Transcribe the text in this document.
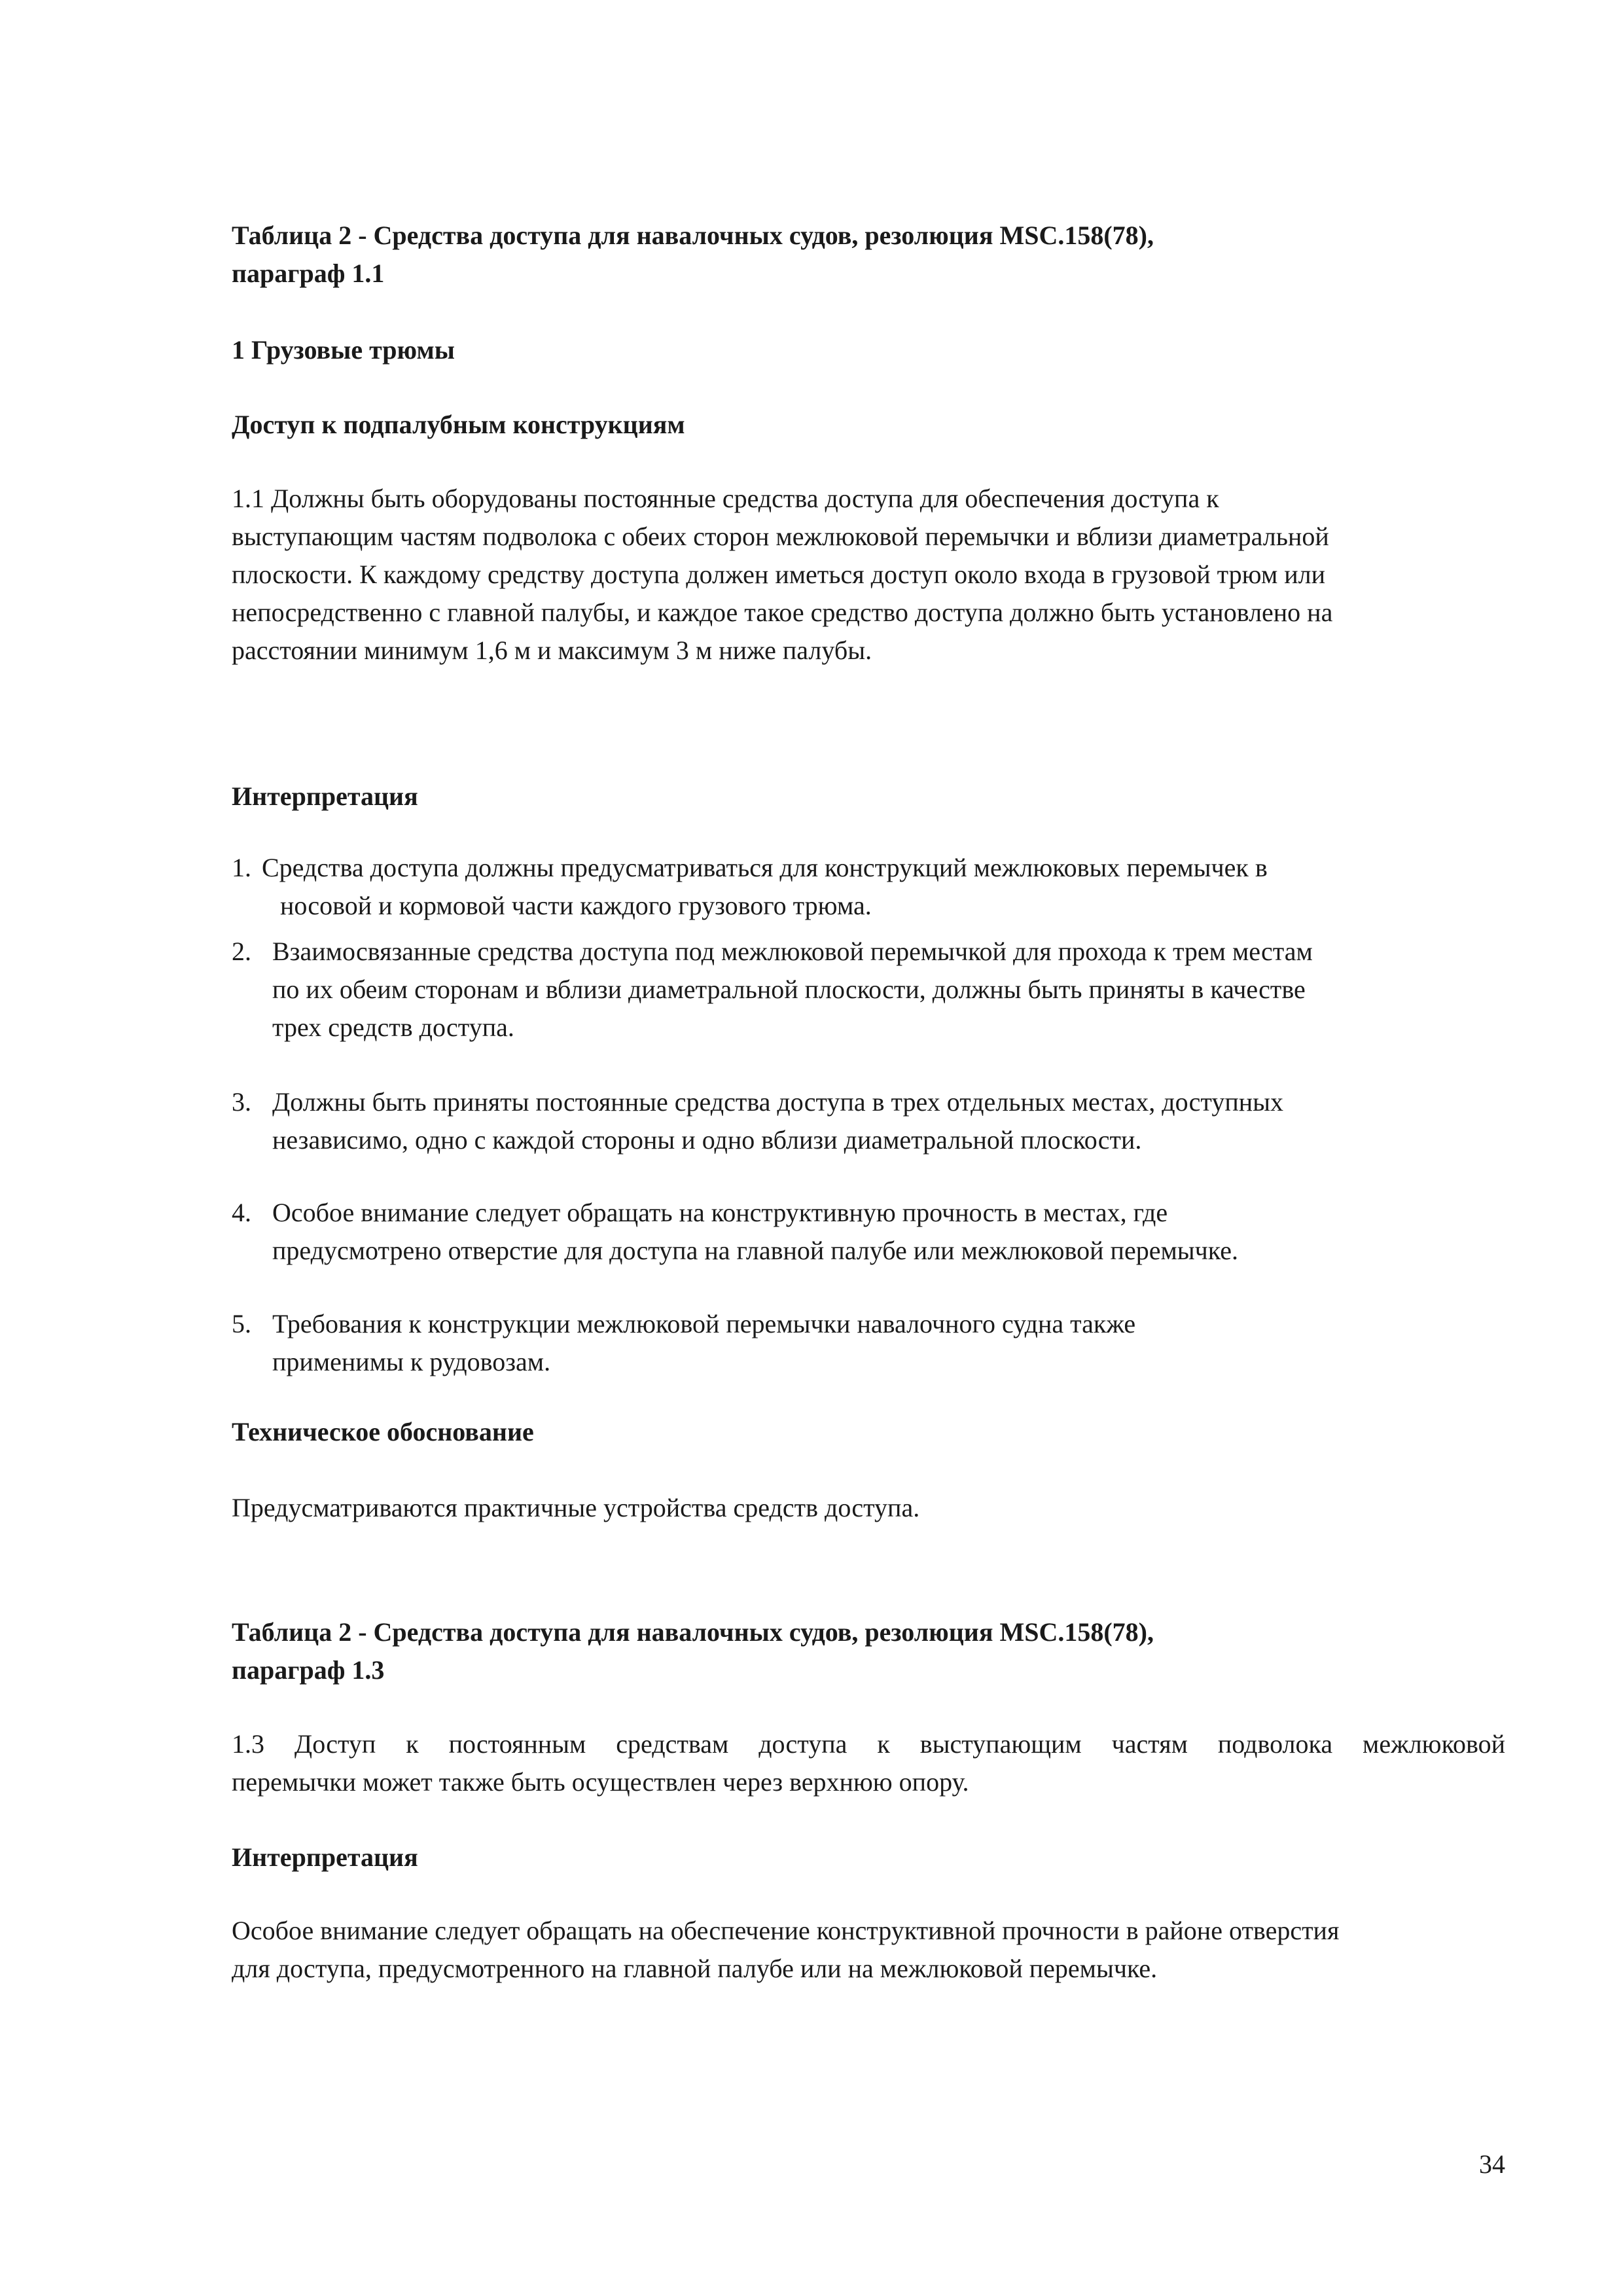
Таблица 2 - Средства доступа для навалочных судов, резолюция MSC.158(78),
параграф 1.1
1 Грузовые трюмы
Доступ к подпалубным конструкциям
1.1 Должны быть оборудованы постоянные средства доступа для обеспечения доступа к
выступающим частям подволока с обеих сторон межлюковой перемычки и вблизи диаметральной
плоскости. К каждому средству доступа должен иметься доступ около входа в грузовой трюм или
непосредственно с главной палубы, и каждое такое средство доступа должно быть установлено на
расстоянии минимум 1,6 м и максимум 3 м ниже палубы.
Интерпретация
1. Средства доступа должны предусматриваться для конструкций межлюковых перемычек в
носовой и кормовой части каждого грузового трюма.
2. Взаимосвязанные средства доступа под межлюковой перемычкой для прохода к трем местам
по их обеим сторонам и вблизи диаметральной плоскости, должны быть приняты в качестве
трех средств доступа.
3. Должны быть приняты постоянные средства доступа в трех отдельных местах, доступных
независимо, одно с каждой стороны и одно вблизи диаметральной плоскости.
4. Особое внимание следует обращать на конструктивную прочность в местах, где
предусмотрено отверстие для доступа на главной палубе или межлюковой перемычке.
5. Требования к конструкции межлюковой перемычки навалочного судна также
применимы к рудовозам.
Техническое обоснование
Предусматриваются практичные устройства средств доступа.
Таблица 2 - Средства доступа для навалочных судов, резолюция MSC.158(78),
параграф 1.3
1.3 Доступ к постоянным средствам доступа к выступающим частям подволока межлюковой
перемычки может также быть осуществлен через верхнюю опору.
Интерпретация
Особое внимание следует обращать на обеспечение конструктивной прочности в районе отверстия
для доступа, предусмотренного на главной палубе или на межлюковой перемычке.
34
